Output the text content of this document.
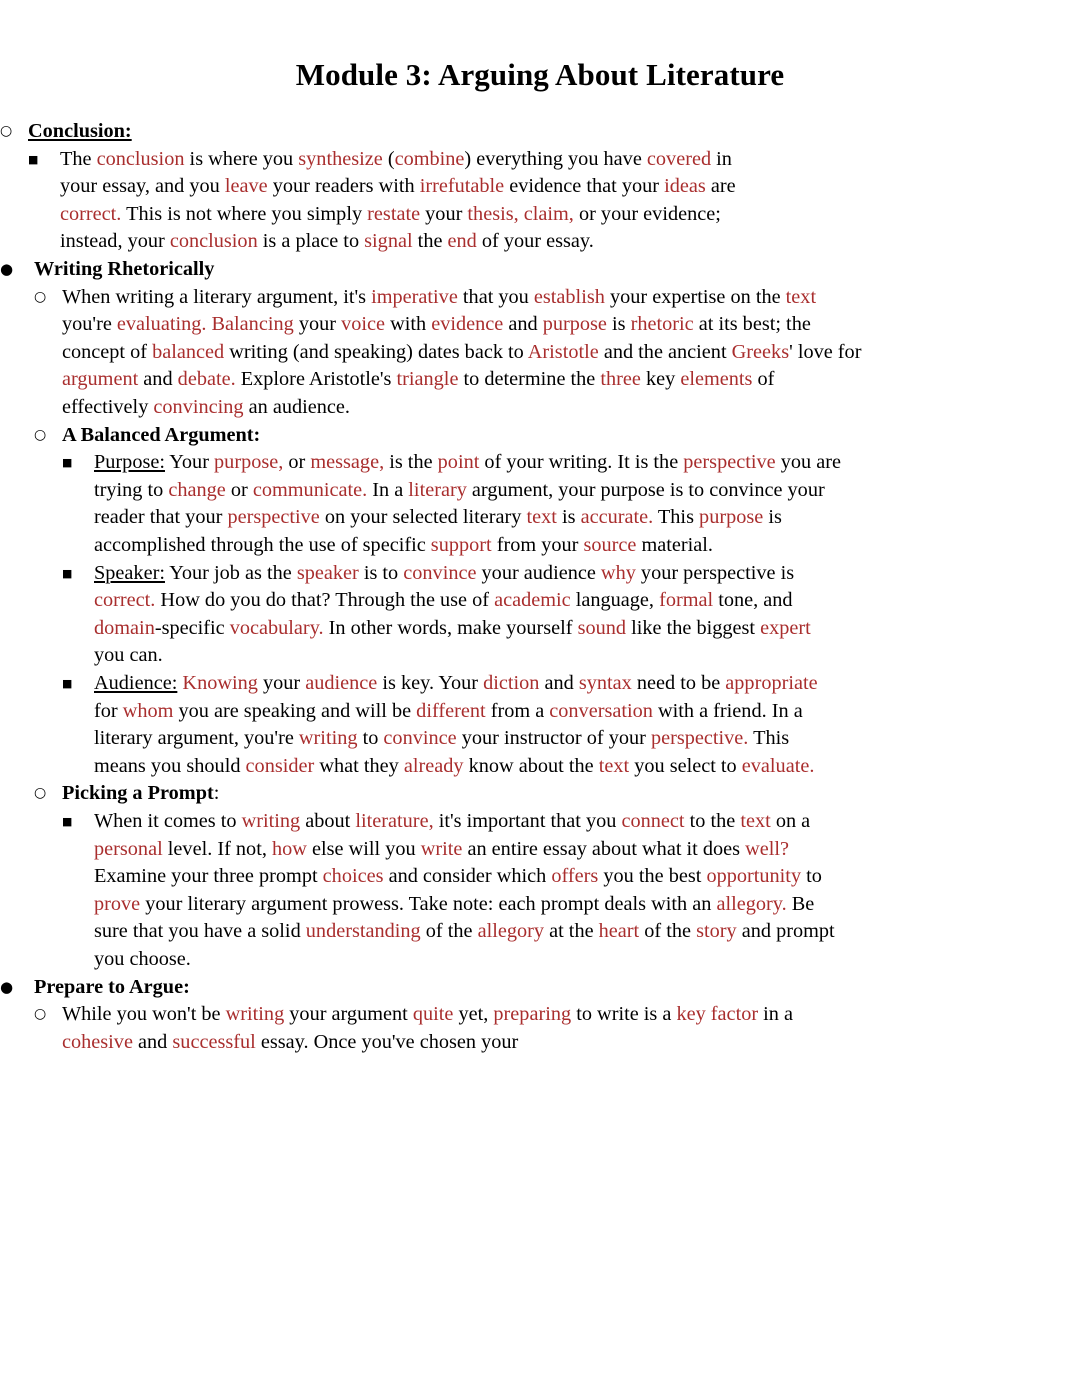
Module 3: Arguing About Literature
○ Conclusion:
■	The conclusion is where you synthesize (combine) everything you have covered in your essay, and you leave your readers with irrefutable evidence that your ideas are correct. This is not where you simply restate your thesis, claim, or your evidence; instead, your conclusion is a place to signal the end of your essay.
●	Writing Rhetorically
○ When writing a literary argument, it's imperative that you establish your expertise on the text you're evaluating. Balancing your voice with evidence and purpose is rhetoric at its best; the concept of balanced writing (and speaking) dates back to Aristotle and the ancient Greeks' love for argument and debate. Explore Aristotle's triangle to determine the three key elements of effectively convincing an audience.
○ A Balanced Argument:
■	Purpose: Your purpose, or message, is the point of your writing. It is the perspective you are trying to change or communicate. In a literary argument, your purpose is to convince your reader that your perspective on your selected literary text is accurate. This purpose is accomplished through the use of specific support from your source material.
■	Speaker: Your job as the speaker is to convince your audience why your perspective is correct. How do you do that? Through the use of academic language, formal tone, and domain-specific vocabulary. In other words, make yourself sound like the biggest expert you can.
■	Audience: Knowing your audience is key. Your diction and syntax need to be appropriate for whom you are speaking and will be different from a conversation with a friend. In a literary argument, you're writing to convince your instructor of your perspective. This means you should consider what they already know about the text you select to evaluate.
○ Picking a Prompt:
■	When it comes to writing about literature, it's important that you connect to the text on a personal level. If not, how else will you write an entire essay about what it does well? Examine your three prompt choices and consider which offers you the best opportunity to prove your literary argument prowess. Take note: each prompt deals with an allegory. Be sure that you have a solid understanding of the allegory at the heart of the story and prompt you choose.
●	Prepare to Argue:
○ While you won't be writing your argument quite yet, preparing to write is a key factor in a cohesive and successful essay. Once you've chosen your
